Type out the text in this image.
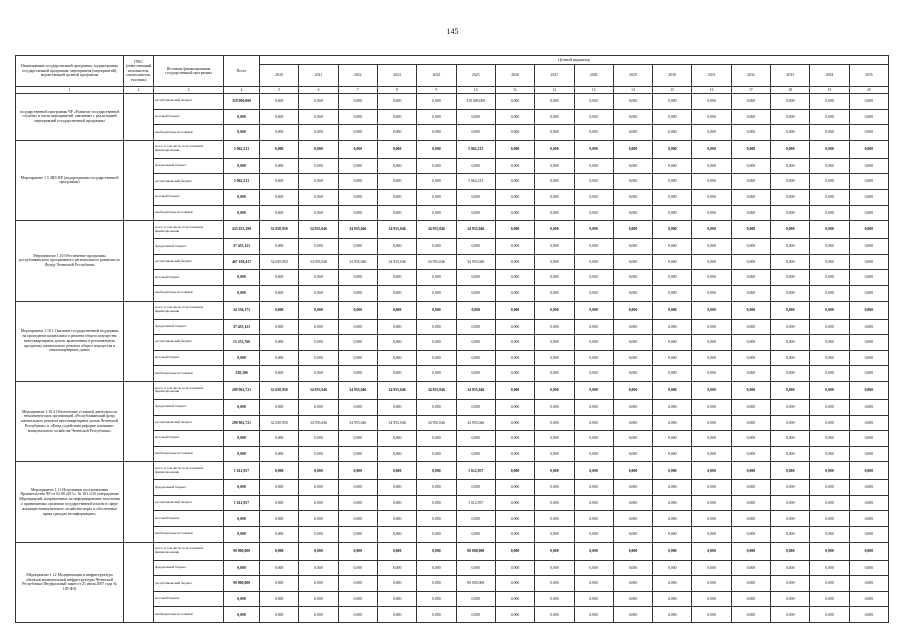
145
Наименование государственной программы, подпрограммы государственной программы, мероприятия (мероприятий), ведомственной целевой программы	ГРБС (ответственный исполнитель, соисполнитель, участник)	Источник финансирования государственной программы	Всего	Целевой индикатор															
				2020	2021	2022	2023	2024	2025	2026	2027	2028	2029	2030	2031	2032	2033	2034	2035
1	2	3	4	5	6	7	8	9	10	11	12	13	14	15	16	17	18	19	20
государственной программы ЧР «Развитие государственной службы» в части мероприятий, связанных с реализацией мероприятий государственной программы		республиканский бюджет	318 000,000	0,000	0,000	0,000	0,000	0,000	318 000,000	0,000	0,000	0,000	0,000	0,000	0,000	0,000	0,000	0,000	0,000
		местный бюджет	0,000	0,000	0,000	0,000	0,000	0,000	0,000	0,000	0,000	0,000	0,000	0,000	0,000	0,000	0,000	0,000	0,000
		внебюджетные источники	0,000	0,000	0,000	0,000	0,000	0,000	0,000	0,000	0,000	0,000	0,000	0,000	0,000	0,000	0,000	0,000	0,000
Мероприятие 1.5 ЗИЗ ФР (подпрограммы государственной программы)		всего, в том числе по источникам финансирования	5 062,213	0,000	0,000	0,000	0,000	0,000	5 062,213	0,000	0,000	0,000	0,000	0,000	0,000	0,000	0,000	0,000	0,000
		федеральный бюджет	0,000	0,000	0,000	0,000	0,000	0,000	0,000	0,000	0,000	0,000	0,000	0,000	0,000	0,000	0,000	0,000	0,000
		республиканский бюджет	5 062,213	0,000	0,000	0,000	0,000	0,000	5 062,213	0,000	0,000	0,000	0,000	0,000	0,000	0,000	0,000	0,000	0,000
		местный бюджет	0,000	0,000	0,000	0,000	0,000	0,000	0,000	0,000	0,000	0,000	0,000	0,000	0,000	0,000	0,000	0,000	0,000
		внебюджетные источники	0,000	0,000	0,000	0,000	0,000	0,000	0,000	0,000	0,000	0,000	0,000	0,000	0,000	0,000	0,000	0,000	0,000
Мероприятие 1.10 Обеспечение программы республиканского программного регионального развития по Фонду Чеченской Республики		всего, в том числе по источникам финансирования	435 633,390	32 650,950	34 955,046	34 955,046	34 955,046	34 955,046	34 955,046	0,000	0,000	0,000	0,000	0,000	0,000	0,000	0,000	0,000	0,000
		федеральный бюджет	37 455,123	0,000	0,000	0,000	0,000	0,000	0,000	0,000	0,000	0,000	0,000	0,000	0,000	0,000	0,000	0,000	0,000
		республиканский бюджет	467 108,437	32 650,950	34 955,046	34 955,046	34 955,046	34 955,046	34 955,046	0,000	0,000	0,000	0,000	0,000	0,000	0,000	0,000	0,000	0,000
		местный бюджет	0,000	0,000	0,000	0,000	0,000	0,000	0,000	0,000	0,000	0,000	0,000	0,000	0,000	0,000	0,000	0,000	0,000
		внебюджетные источники	0,000	0,000	0,000	0,000	0,000	0,000	0,000	0,000	0,000	0,000	0,000	0,000	0,000	0,000	0,000	0,000	0,000
Мероприятие 1.10.1 Оказание государственной поддержки на проведение капитального ремонта общего имущества многоквартирных домов, включенных в региональную программу капитального ремонта общего имущества в многоквартирных домах		всего, в том числе по источникам финансирования	34 336,173	0,000	0,000	0,000	0,000	0,000	0,000	0,000	0,000	0,000	0,000	0,000	0,000	0,000	0,000	0,000	0,000
		федеральный бюджет	37 455,123	0,000	0,000	0,000	0,000	0,000	0,000	0,000	0,000	0,000	0,000	0,000	0,000	0,000	0,000	0,000	0,000
		республиканский бюджет	15 253,766	0,000	0,000	0,000	0,000	0,000	0,000	0,000	0,000	0,000	0,000	0,000	0,000	0,000	0,000	0,000	0,000
		местный бюджет	0,000	0,000	0,000	0,000	0,000	0,000	0,000	0,000	0,000	0,000	0,000	0,000	0,000	0,000	0,000	0,000	0,000
		внебюджетные источники	238,300	0,000	0,000	0,000	0,000	0,000	0,000	0,000	0,000	0,000	0,000	0,000	0,000	0,000	0,000	0,000	0,000
Мероприятие 1.10.2 Обеспечение уставной деятельности некоммерческих организаций «Республиканский фонд капитального ремонта многоквартирных домов Чеченской Республики» и «Фонд содействия реформе жилищно-коммунального хозяйства Чеченской Республики»		всего, в том числе по источникам финансирования	209 962,721	32 650,950	34 955,046	34 955,046	34 955,046	34 955,046	34 955,046	0,000	0,000	0,000	0,000	0,000	0,000	0,000	0,000	0,000	0,000
		федеральный бюджет	0,000	0,000	0,000	0,000	0,000	0,000	0,000	0,000	0,000	0,000	0,000	0,000	0,000	0,000	0,000	0,000	0,000
		республиканский бюджет	209 962,721	32 650,950	34 955,046	34 955,046	34 955,046	34 955,046	34 955,046	0,000	0,000	0,000	0,000	0,000	0,000	0,000	0,000	0,000	0,000
		местный бюджет	0,000	0,000	0,000	0,000	0,000	0,000	0,000	0,000	0,000	0,000	0,000	0,000	0,000	0,000	0,000	0,000	0,000
		внебюджетные источники	0,000	0,000	0,000	0,000	0,000	0,000	0,000	0,000	0,000	0,000	0,000	0,000	0,000	0,000	0,000	0,000	0,000
Мероприятие 1.11 Исполнение постановления Правительства ЧР от 02.08.2013 г. № 181 «Об утверждении Мероприятий, направленных на информирование населения о принимаемых органами государственной власти в сфере жилищно-коммунального хозяйства мерах и обеспечение права граждан на информацию»		всего, в том числе по источникам финансирования	1 612,957	0,000	0,000	0,000	0,000	0,000	1 612,957	0,000	0,000	0,000	0,000	0,000	0,000	0,000	0,000	0,000	0,000
		федеральный бюджет	0,000	0,000	0,000	0,000	0,000	0,000	0,000	0,000	0,000	0,000	0,000	0,000	0,000	0,000	0,000	0,000	0,000
		республиканский бюджет	1 612,957	0,000	0,000	0,000	0,000	0,000	1 612,957	0,000	0,000	0,000	0,000	0,000	0,000	0,000	0,000	0,000	0,000
		местный бюджет	0,000	0,000	0,000	0,000	0,000	0,000	0,000	0,000	0,000	0,000	0,000	0,000	0,000	0,000	0,000	0,000	0,000
		внебюджетные источники	0,000	0,000	0,000	0,000	0,000	0,000	0,000	0,000	0,000	0,000	0,000	0,000	0,000	0,000	0,000	0,000	0,000
Мероприятие 1.12 Модернизация и инфраструктура объектов коммунальной инфраструктуры Чеченской Республики (Федеральный закон от 21 июля 2007 года № 185-ФЗ)		всего, в том числе по источникам финансирования	90 000,000	0,000	0,000	0,000	0,000	0,000	90 000,000	0,000	0,000	0,000	0,000	0,000	0,000	0,000	0,000	0,000	0,000
		федеральный бюджет	0,000	0,000	0,000	0,000	0,000	0,000	0,000	0,000	0,000	0,000	0,000	0,000	0,000	0,000	0,000	0,000	0,000
		республиканский бюджет	90 000,000	0,000	0,000	0,000	0,000	0,000	90 000,000	0,000	0,000	0,000	0,000	0,000	0,000	0,000	0,000	0,000	0,000
		местный бюджет	0,000	0,000	0,000	0,000	0,000	0,000	0,000	0,000	0,000	0,000	0,000	0,000	0,000	0,000	0,000	0,000	0,000
		внебюджетные источники	0,000	0,000	0,000	0,000	0,000	0,000	0,000	0,000	0,000	0,000	0,000	0,000	0,000	0,000	0,000	0,000	0,000
